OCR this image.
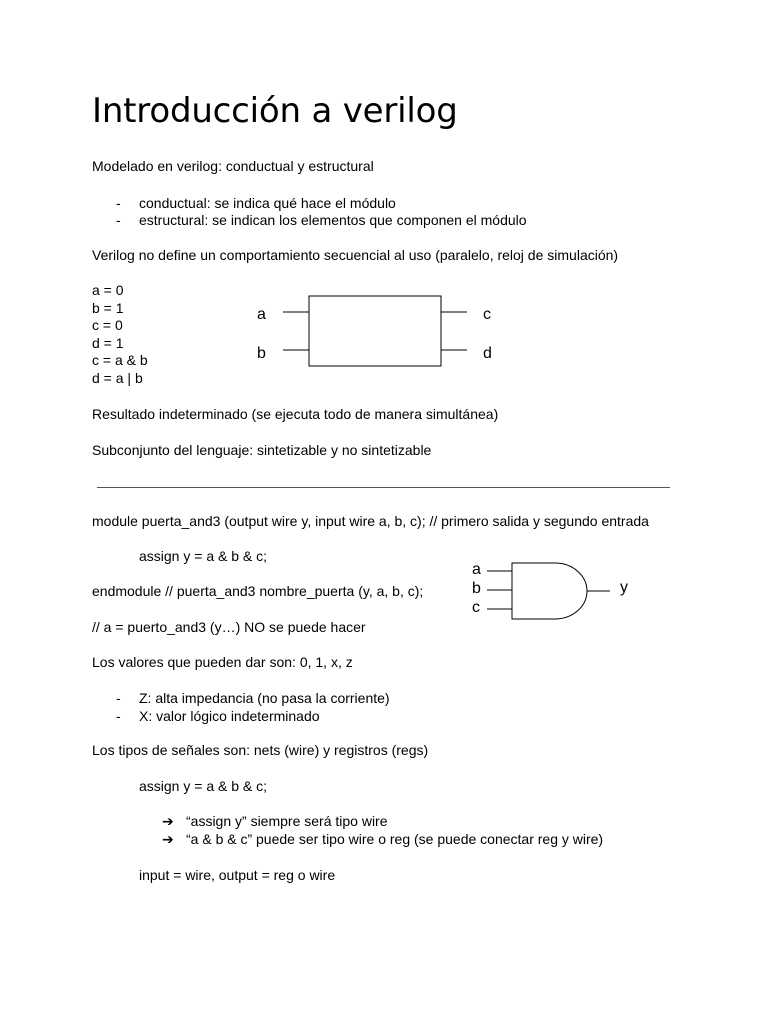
Introducción a verilog
Modelado en verilog: conductual y estructural
- conductual: se indica qué hace el módulo
- estructural: se indican los elementos que componen el módulo
Verilog no define un comportamiento secuencial al uso (paralelo, reloj de simulación)
a = 0
b = 1
c = 0
d = 1
c = a & b
d = a | b
a
b
c
d
Resultado indeterminado (se ejecuta todo de manera simultánea)
Subconjunto del lenguaje: sintetizable y no sintetizable
module puerta_and3 (output wire y, input wire a, b, c); // primero salida y segundo entrada
assign y = a & b & c;
endmodule // puerta_and3 nombre_puerta (y, a, b, c);
// a = puerto_and3 (y…) NO se puede hacer
a
b
c
y
Los valores que pueden dar son: 0, 1, x, z
- Z: alta impedancia (no pasa la corriente)
- X: valor lógico indeterminado
Los tipos de señales son: nets (wire) y registros (regs)
assign y = a & b & c;
➔ “assign y” siempre será tipo wire
➔ “a & b & c” puede ser tipo wire o reg (se puede conectar reg y wire)
input = wire, output = reg o wire
